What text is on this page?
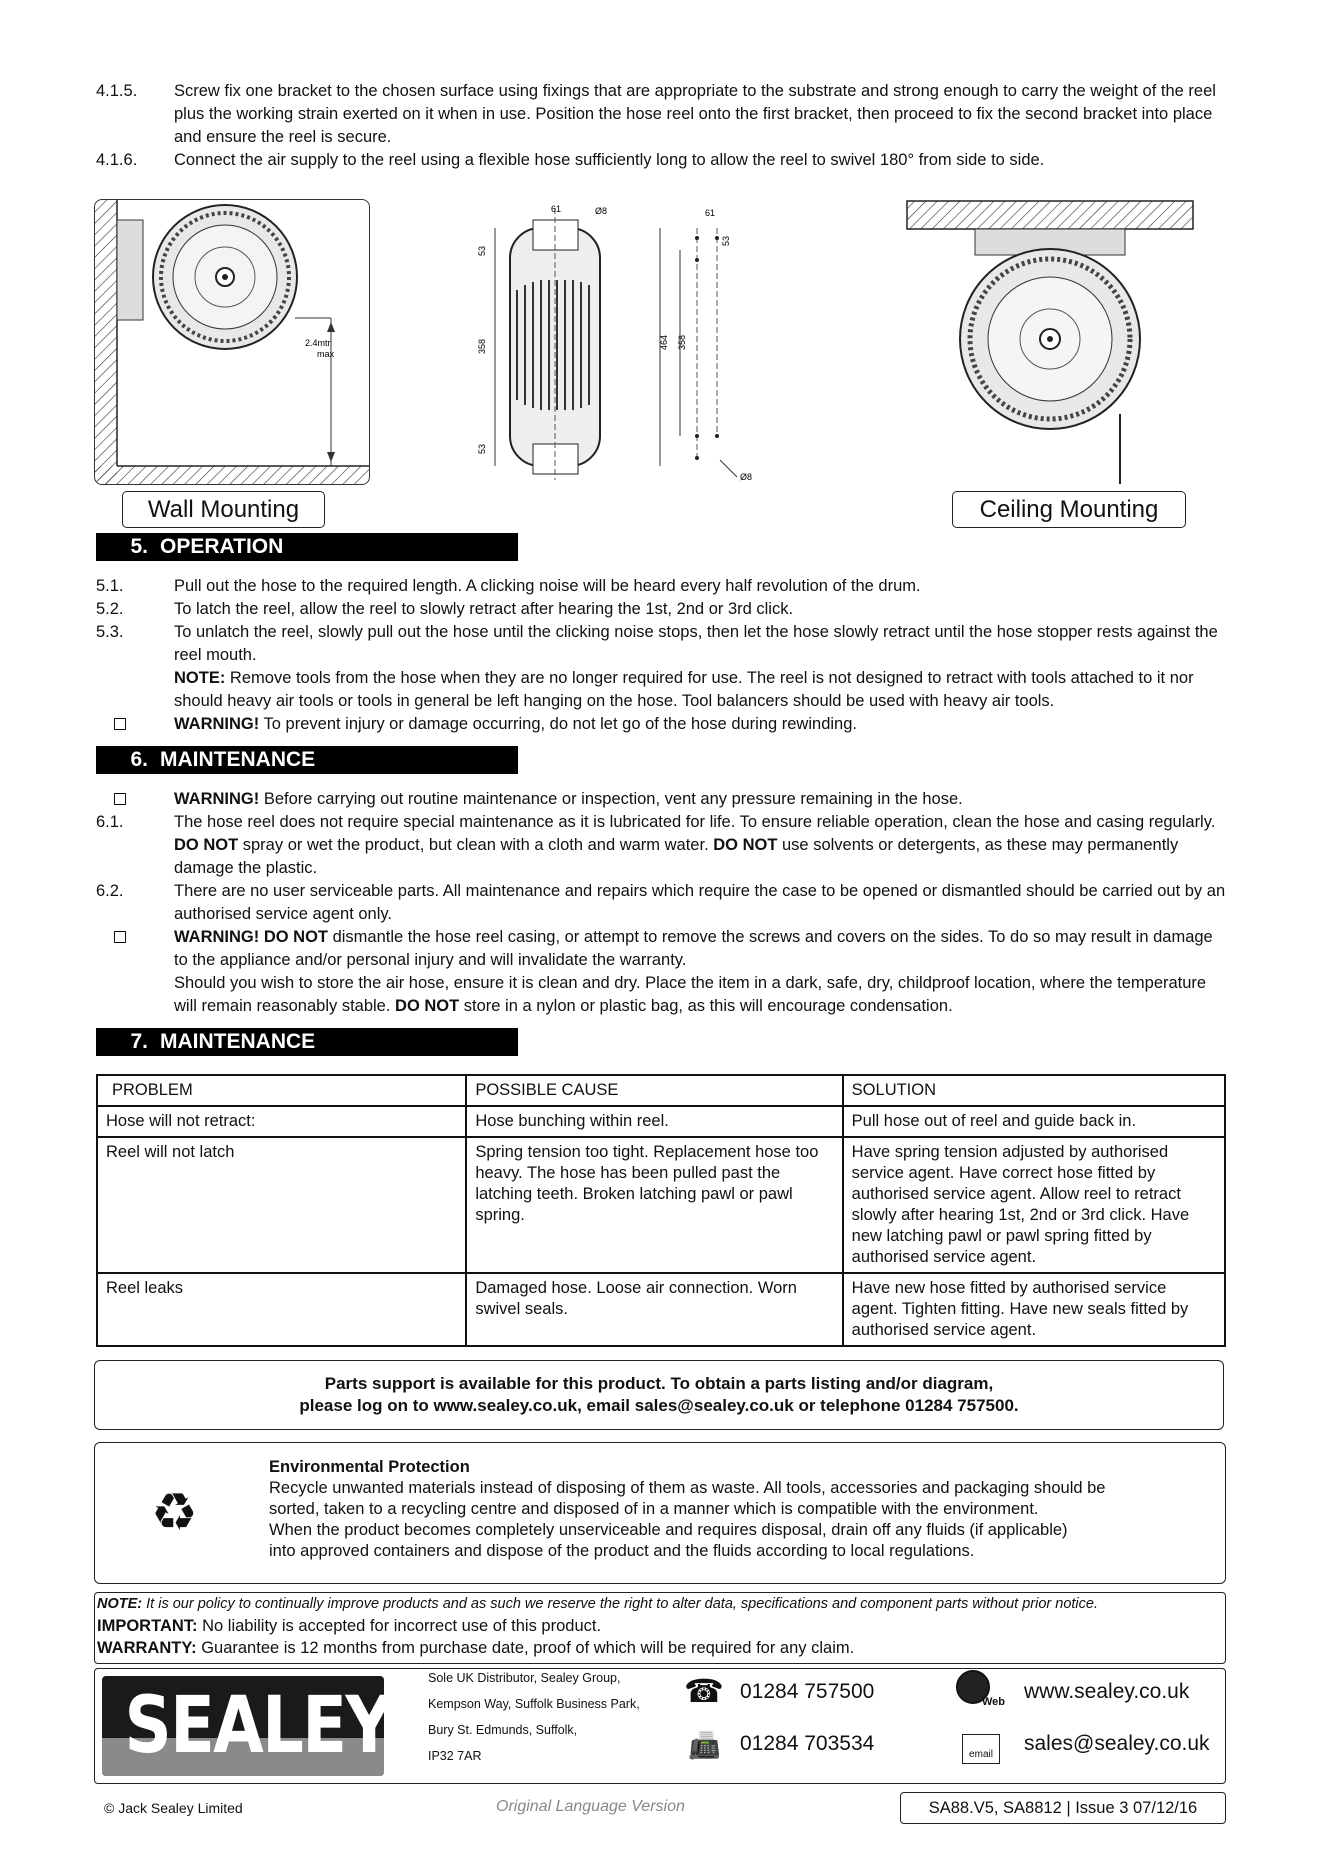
4.1.5.	Screw fix one bracket to the chosen surface using fixings that are appropriate to the substrate and strong enough to carry the weight of the reel plus the working strain exerted on it when in use. Position the hose reel onto the first bracket, then proceed to fix the second bracket into place and ensure the reel is secure.
4.1.6.	Connect the air supply to the reel using a flexible hose sufficiently long to allow the reel to swivel 180° from side to side.
2.4mtr
max
Wall Mounting
53
358
53
61	Ø8
464 358
61
53
Ø8
Ceiling Mounting
5. OPERATION
5.1.	Pull out the hose to the required length. A clicking noise will be heard every half revolution of the drum.
5.2.	To latch the reel, allow the reel to slowly retract after hearing the 1st, 2nd or 3rd click.
5.3.	To unlatch the reel, slowly pull out the hose until the clicking noise stops, then let the hose slowly retract until the hose stopper rests against the reel mouth.
NOTE: Remove tools from the hose when they are no longer required for use. The reel is not designed to retract with tools attached to it nor should heavy air tools or tools in general be left hanging on the hose. Tool balancers should be used with heavy air tools.
WARNING! To prevent injury or damage occurring, do not let go of the hose during rewinding.
6. MAINTENANCE
WARNING! Before carrying out routine maintenance or inspection, vent any pressure remaining in the hose.
6.1.	The hose reel does not require special maintenance as it is lubricated for life. To ensure reliable operation, clean the hose and casing regularly. DO NOT spray or wet the product, but clean with a cloth and warm water. DO NOT use solvents or detergents, as these may permanently damage the plastic.
6.2.	There are no user serviceable parts. All maintenance and repairs which require the case to be opened or dismantled should be carried out by an authorised service agent only.
WARNING! DO NOT dismantle the hose reel casing, or attempt to remove the screws and covers on the sides. To do so may result in damage to the appliance and/or personal injury and will invalidate the warranty.
Should you wish to store the air hose, ensure it is clean and dry. Place the item in a dark, safe, dry, childproof location, where the temperature will remain reasonably stable. DO NOT store in a nylon or plastic bag, as this will encourage condensation.
7. MAINTENANCE
PROBLEM	POSSIBLE CAUSE	SOLUTION
Hose will not retract:	Hose bunching within reel.	Pull hose out of reel and guide back in.
Reel will not latch	Spring tension too tight. Replacement hose too heavy. The hose has been pulled past the latching teeth. Broken latching pawl or pawl spring.	Have spring tension adjusted by authorised service agent. Have correct hose fitted by authorised service agent. Allow reel to retract slowly after hearing 1st, 2nd or 3rd click. Have new latching pawl or pawl spring fitted by authorised service agent.
Reel leaks	Damaged hose. Loose air connection. Worn swivel seals.	Have new hose fitted by authorised service agent. Tighten fitting. Have new seals fitted by authorised service agent.
Parts support is available for this product. To obtain a parts listing and/or diagram,
please log on to www.sealey.co.uk, email sales@sealey.co.uk or telephone 01284 757500.
♻
Environmental Protection
Recycle unwanted materials instead of disposing of them as waste. All tools, accessories and packaging should be
sorted, taken to a recycling centre and disposed of in a manner which is compatible with the environment.
When the product becomes completely unserviceable and requires disposal, drain off any fluids (if applicable)
into approved containers and dispose of the product and the fluids according to local regulations.
NOTE: It is our policy to continually improve products and as such we reserve the right to alter data, specifications and component parts without prior notice.
IMPORTANT: No liability is accepted for incorrect use of this product.
WARRANTY: Guarantee is 12 months from purchase date, proof of which will be required for any claim.
SEALEY
Sole UK Distributor, Sealey Group,
Kempson Way, Suffolk Business Park,
Bury St. Edmunds, Suffolk,
IP32 7AR
☎ 01284 757500
📠 01284 703534
Web www.sealey.co.uk
email sales@sealey.co.uk
© Jack Sealey Limited	Original Language Version	SA88.V5, SA8812 | Issue 3 07/12/16
